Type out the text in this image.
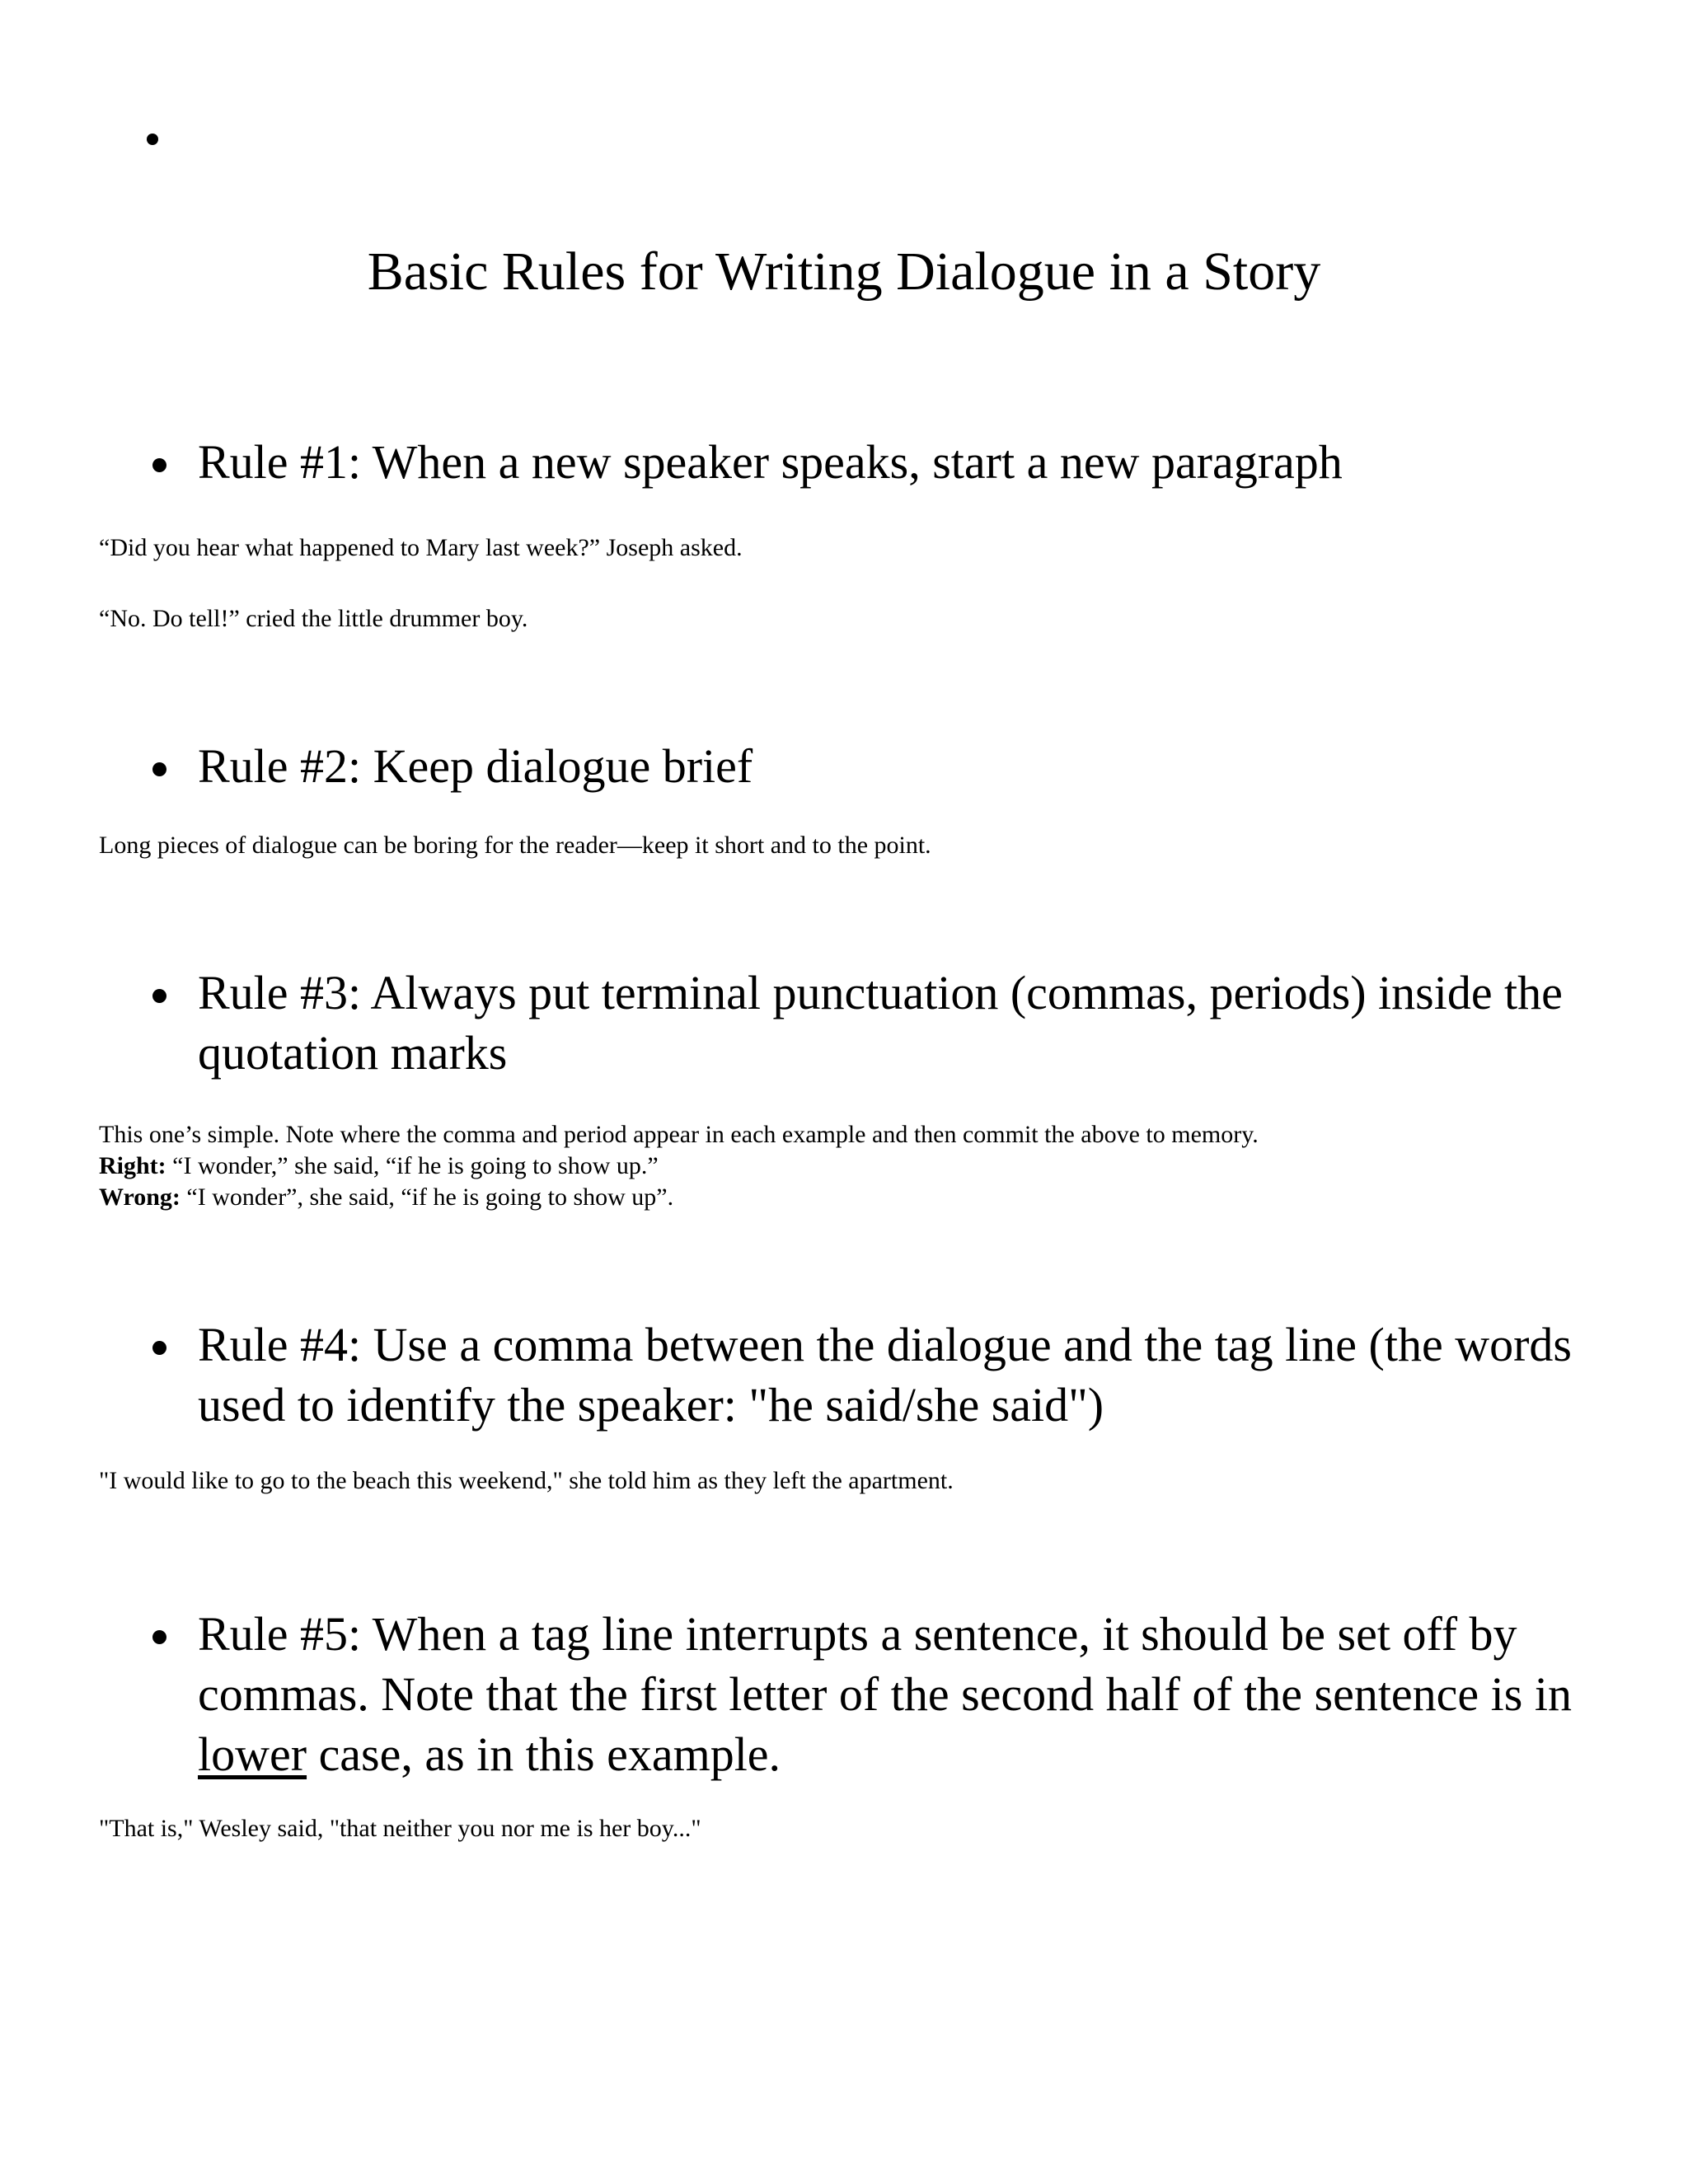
Basic Rules for Writing Dialogue in a Story
Rule #1: When a new speaker speaks, start a new paragraph

“Did you hear what happened to Mary last week?” Joseph asked.

“No. Do tell!” cried the little drummer boy.

Rule #2: Keep dialogue brief

Long pieces of dialogue can be boring for the reader—keep it short and to the point.

Rule #3: Always put terminal punctuation (commas, periods) inside the quotation marks
This one’s simple. Note where the comma and period appear in each example and then commit the above to memory.
Right: “I wonder,” she said, “if he is going to show up.”
Wrong: “I wonder”, she said, “if he is going to show up”.
Rule #4: Use a comma between the dialogue and the tag line (the words used to identify the speaker: "he said/she said")

"I would like to go to the beach this weekend," she told him as they left the apartment.

Rule #5: When a tag line interrupts a sentence, it should be set off by commas. Note that the first letter of the second half of the sentence is in lower case, as in this example.

"That is," Wesley said, "that neither you nor me is her boy..."
